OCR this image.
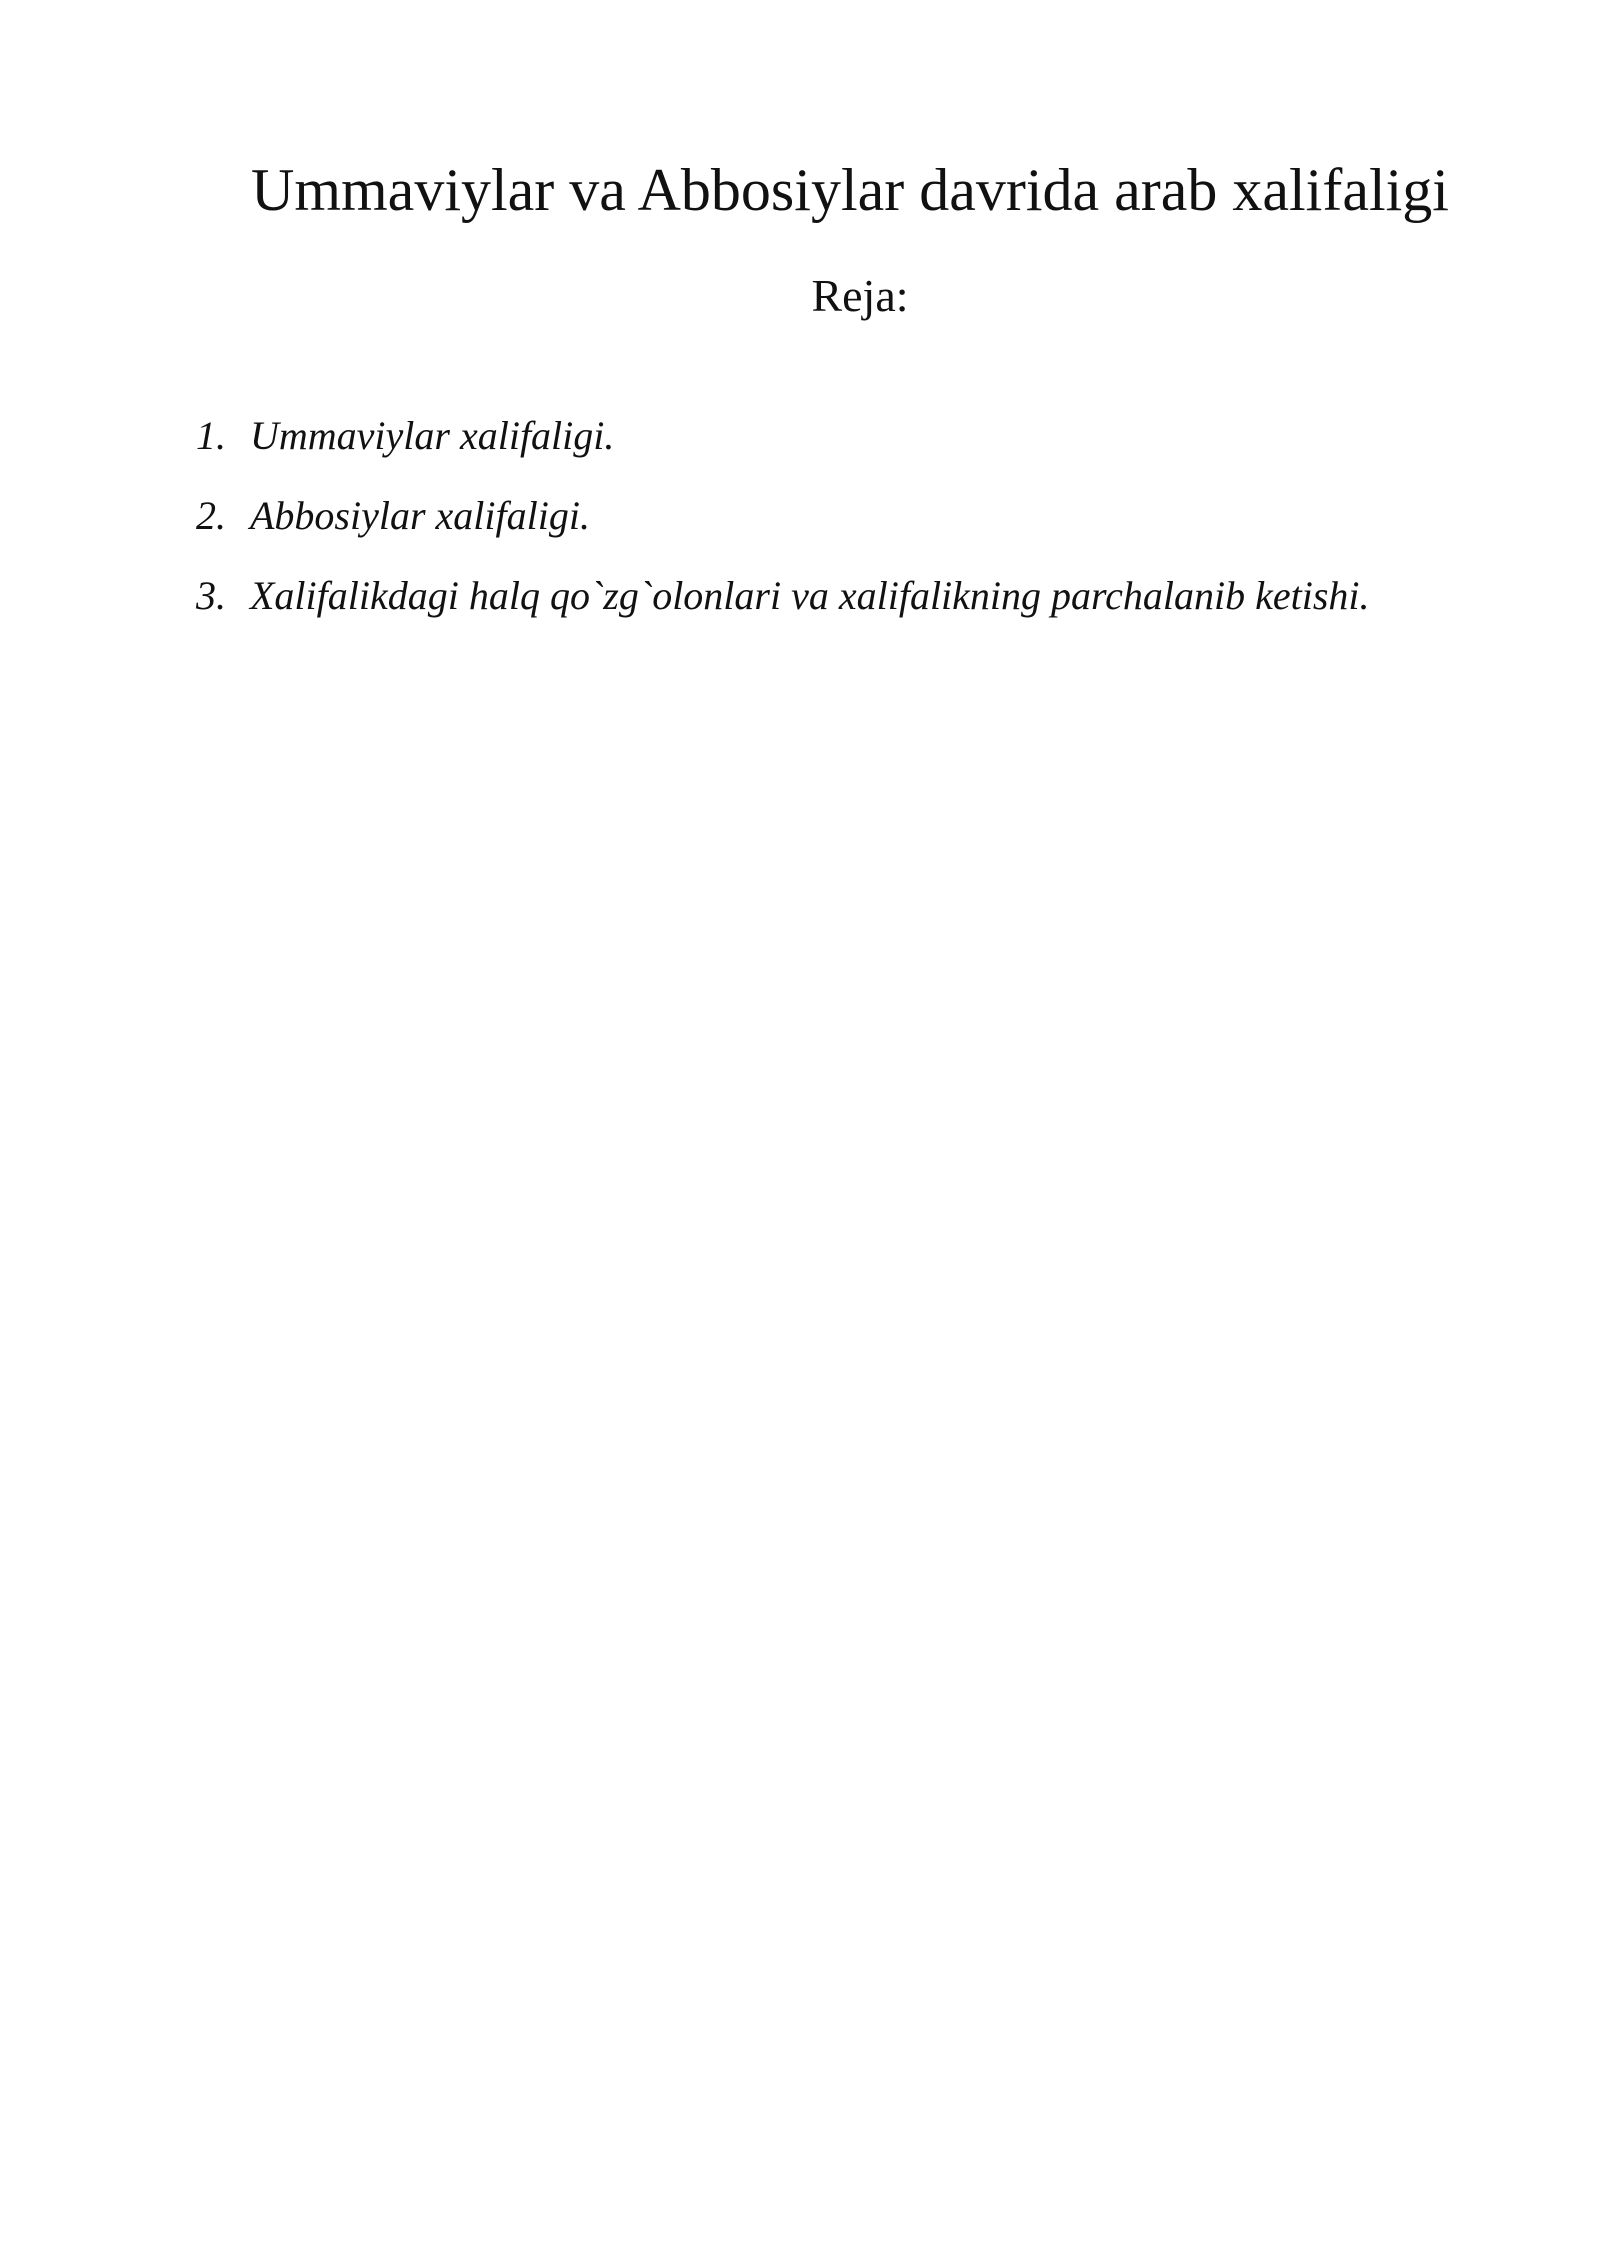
Ummaviylar va Abbosiylar davrida arab xalifaligi
Reja:
1. Ummaviylar xalifaligi.
2. Abbosiylar xalifaligi.
3. Xalifalikdagi halq qo`zg`olonlari va xalifalikning parchalanib ketishi.
